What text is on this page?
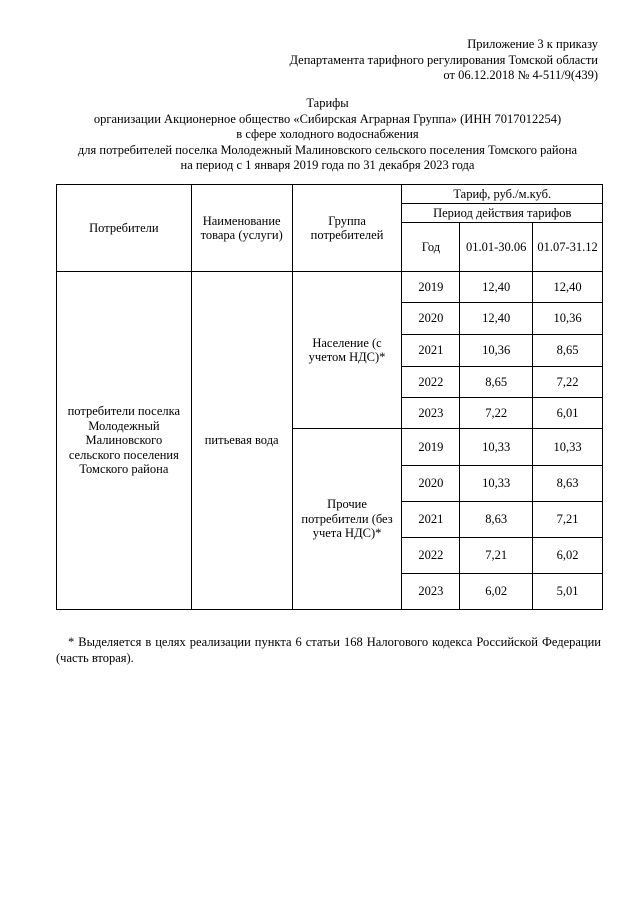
Приложение 3 к приказу
Департамента тарифного регулирования Томской области
от 06.12.2018 № 4-511/9(439)
Тарифы
организации Акционерное общество «Сибирская Аграрная Группа» (ИНН 7017012254)
в сфере холодного водоснабжения
для потребителей поселка Молодежный Малиновского сельского поселения Томского района
на период с 1 января 2019 года по 31 декабря 2023 года
Потребители	Наименование товара (услуги)	Группа потребителей	Тариф, руб./м.куб.		
			Период действия тарифов		
			Год	01.01-30.06	01.07-31.12
потребители поселка Молодежный Малиновского сельского поселения Томского района	питьевая вода	Население (с учетом НДС)*	2019	12,40	12,40
			2020	12,40	10,36
			2021	10,36	8,65
			2022	8,65	7,22
			2023	7,22	6,01
		Прочие потребители (без учета НДС)*	2019	10,33	10,33
			2020	10,33	8,63
			2021	8,63	7,21
			2022	7,21	6,02
			2023	6,02	5,01
* Выделяется в целях реализации пункта 6 статьи 168 Налогового кодекса Российской Федерации (часть вторая).
